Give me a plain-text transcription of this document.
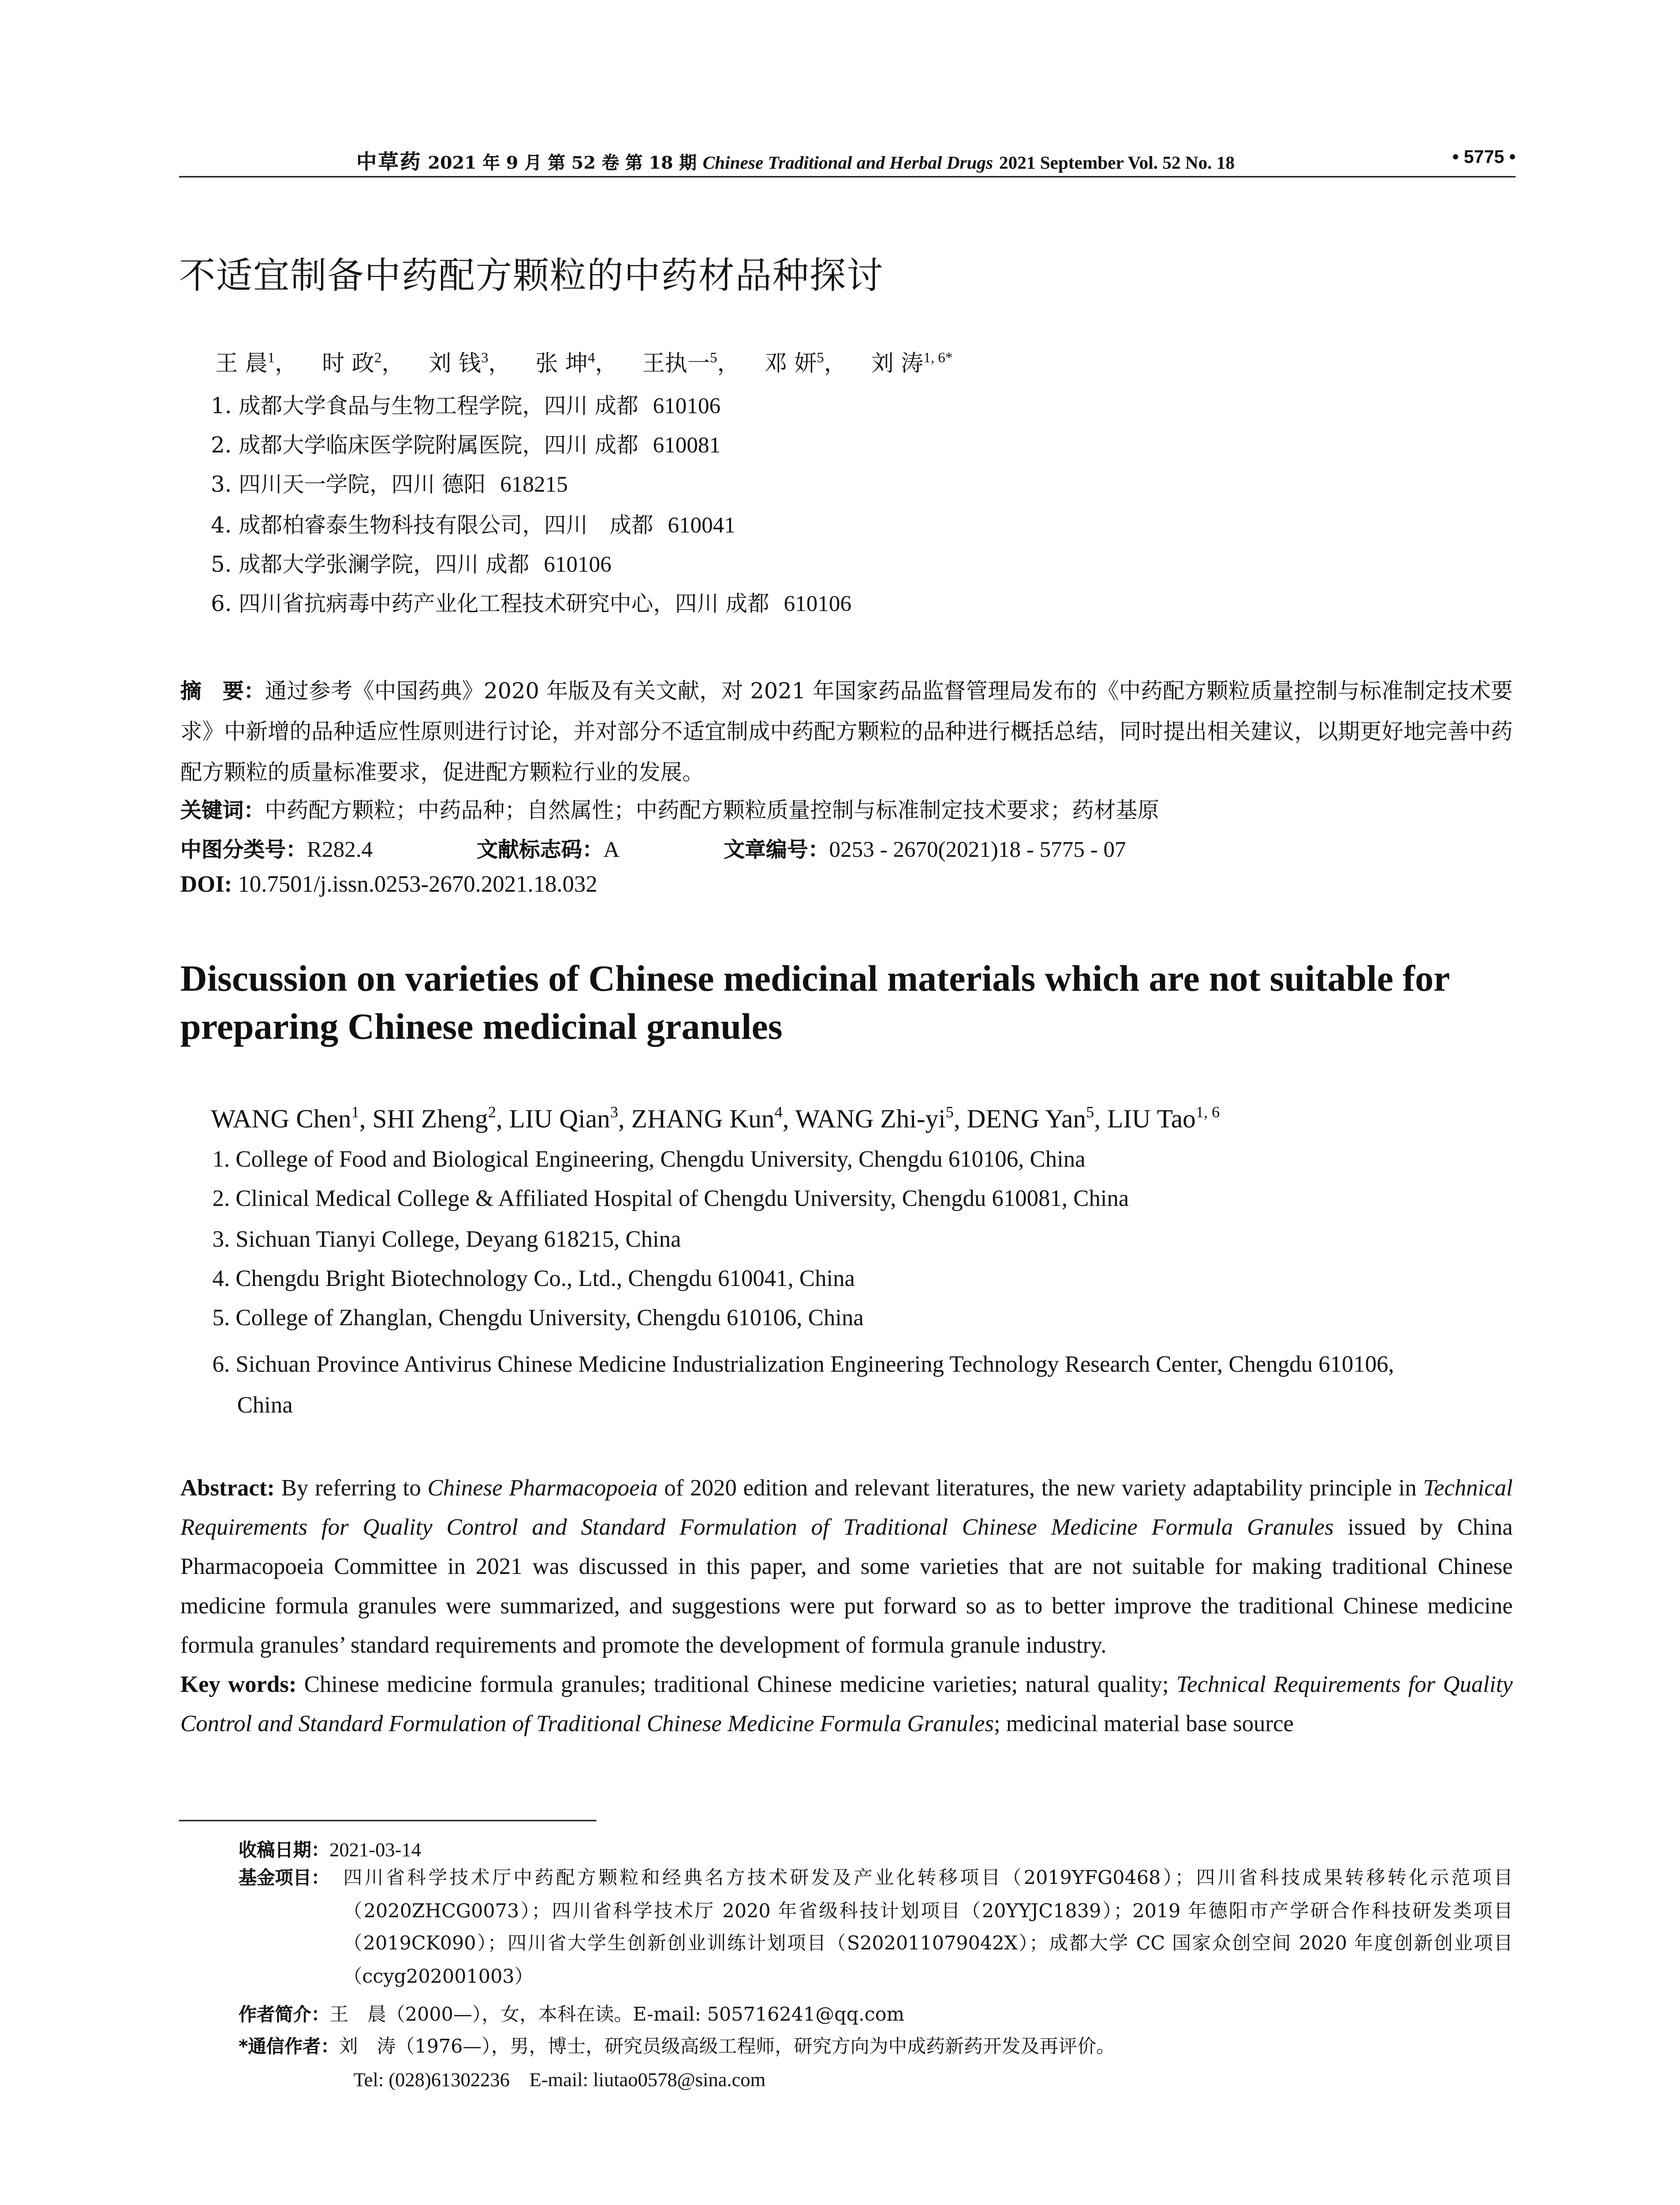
中草药 2021 年 9 月 第 52 卷 第 18 期 Chinese Traditional and Herbal Drugs 2021 September Vol. 52 No. 18	• 5775 •
不适宜制备中药配方颗粒的中药材品种探讨
王 晨$^1$，	时 政$^2$，	刘 钱$^3$，	张 坤$^4$，	王执一$^5$，	邓 妍$^5$，	刘 涛$^{1, 6*}$
1. 成都大学食品与生物工程学院，四川 成都 610106
2. 成都大学临床医学院附属医院，四川 成都 610081
3. 四川天一学院，四川 德阳 618215
4. 成都柏睿泰生物科技有限公司，四川　成都 610041
5. 成都大学张澜学院，四川 成都 610106
6. 四川省抗病毒中药产业化工程技术研究中心，四川 成都 610106
摘　要：通过参考《中国药典》2020 年版及有关文献，对 2021 年国家药品监督管理局发布的《中药配方颗粒质量控制与标准制定技术要求》中新增的品种适应性原则进行讨论，并对部分不适宜制成中药配方颗粒的品种进行概括总结，同时提出相关建议，以期更好地完善中药配方颗粒的质量标准要求，促进配方颗粒行业的发展。
关键词：中药配方颗粒；中药品种；自然属性；中药配方颗粒质量控制与标准制定技术要求；药材基原
中图分类号：R282.4	文献标志码：A	文章编号：0253 - 2670(2021)18 - 5775 - 07
DOI: 10.7501/j.issn.0253-2670.2021.18.032
Discussion on varieties of Chinese medicinal materials which are not suitable for preparing Chinese medicinal granules
WANG Chen$^1$, SHI Zheng$^2$, LIU Qian$^3$, ZHANG Kun$^4$, WANG Zhi-$yi^5$, DENG Yan$^5$, LIU Tao$^{1, 6}$
1. College of Food and Biological Engineering, Chengdu University, Chengdu 610106, China
2. Clinical Medical College & Affiliated Hospital of Chengdu University, Chengdu 610081, China
3. Sichuan Tianyi College, Deyang 618215, China
4. Chengdu Bright Biotechnology Co., Ltd., Chengdu 610041, China
5. College of Zhanglan, Chengdu University, Chengdu 610106, China
6. Sichuan Province Antivirus Chinese Medicine Industrialization Engineering Technology Research Center, Chengdu 610106,
China
Abstract: By referring to Chinese Pharmacopoeia of 2020 edition and relevant literatures, the new variety adaptability principle in Technical Requirements for Quality Control and Standard Formulation of Traditional Chinese Medicine Formula Granules issued by China Pharmacopoeia Committee in 2021 was discussed in this paper, and some varieties that are not suitable for making traditional Chinese medicine formula granules were summarized, and suggestions were put forward so as to better improve the traditional Chinese medicine formula granules’ standard requirements and promote the development of formula granule industry.
Key words: Chinese medicine formula granules; traditional Chinese medicine varieties; natural quality; Technical Requirements for Quality Control and Standard Formulation of Traditional Chinese Medicine Formula Granules; medicinal material base source
收稿日期：2021-03-14
基金项目： 四川省科学技术厅中药配方颗粒和经典名方技术研发及产业化转移项目（2019YFG0468）；四川省科技成果转移转化示范项目（2020ZHCG0073）；四川省科学技术厅 2020 年省级科技计划项目（20YYJC1839）；2019 年德阳市产学研合作科技研发类项目（2019CK090）；四川省大学生创新创业训练计划项目（S202011079042X）；成都大学 CC 国家众创空间 2020 年度创新创业项目（ccyg202001003）
作者简介：王　晨（2000—），女，本科在读。E-mail: 505716241@qq.com
*通信作者：刘　涛（1976—），男，博士，研究员级高级工程师，研究方向为中成药新药开发及再评价。
Tel: (028)61302236　E-mail: liutao0578@sina.com
